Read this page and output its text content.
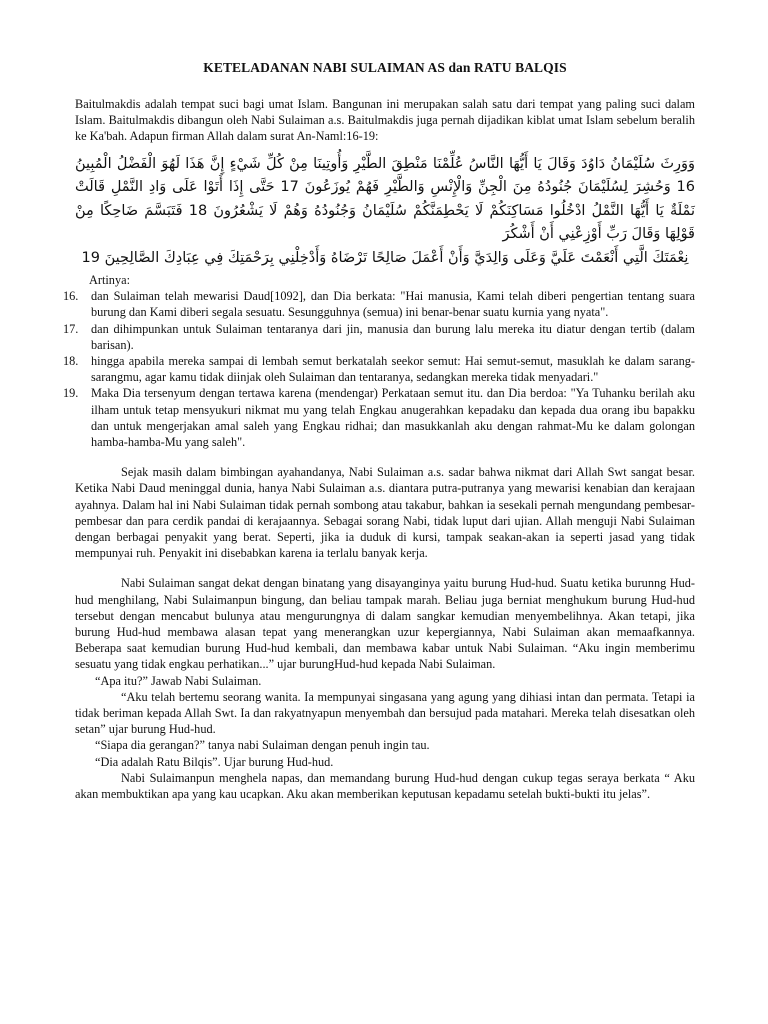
KETELADANAN NABI SULAIMAN AS dan RATU BALQIS

Baitulmakdis adalah tempat suci bagi umat Islam. Bangunan ini merupakan salah satu dari tempat yang paling suci dalam Islam. Baitulmakdis dibangun oleh Nabi Sulaiman a.s. Baitulmakdis juga pernah dijadikan kiblat umat Islam sebelum beralih ke Ka'bah. Adapun firman Allah dalam surat An-Naml:16-19:

وَوَرِثَ سُلَيْمَانُ دَاوُدَ وَقَالَ يَا أَيُّهَا النَّاسُ عُلِّمْنَا مَنْطِقَ الطَّيْرِ وَأُوتِينَا مِنْ كُلِّ شَيْءٍ إِنَّ هَذَا لَهُوَ الْفَضْلُ الْمُبِينُ 16 وَحُشِرَ لِسُلَيْمَانَ جُنُودُهُ مِنَ الْجِنِّ وَالْإِنْسِ وَالطَّيْرِ فَهُمْ يُوزَعُونَ 17 حَتَّى إِذَا أَتَوْا عَلَى وَادِ النَّمْلِ قَالَتْ نَمْلَةٌ يَا أَيُّهَا النَّمْلُ ادْخُلُوا مَسَاكِنَكُمْ لَا يَحْطِمَنَّكُمْ سُلَيْمَانُ وَجُنُودُهُ وَهُمْ لَا يَشْعُرُونَ 18 فَتَبَسَّمَ ضَاحِكًا مِنْ قَوْلِهَا وَقَالَ رَبِّ أَوْزِعْنِي أَنْ أَشْكُرَ
نِعْمَتَكَ الَّتِي أَنْعَمْتَ عَلَيَّ وَعَلَى وَالِدَيَّ وَأَنْ أَعْمَلَ صَالِحًا تَرْضَاهُ وَأَدْخِلْنِي بِرَحْمَتِكَ فِي عِبَادِكَ الصَّالِحِينَ 19

Artinya:

16.	dan Sulaiman telah mewarisi Daud[1092], dan Dia berkata: "Hai manusia, Kami telah diberi pengertian tentang suara burung dan Kami diberi segala sesuatu. Sesungguhnya (semua) ini benar-benar suatu kurnia yang nyata".
17.	dan dihimpunkan untuk Sulaiman tentaranya dari jin, manusia dan burung lalu mereka itu diatur dengan tertib (dalam barisan).
18.	hingga apabila mereka sampai di lembah semut berkatalah seekor semut: Hai semut-semut, masuklah ke dalam sarang-sarangmu, agar kamu tidak diinjak oleh Sulaiman dan tentaranya, sedangkan mereka tidak menyadari."
19.	Maka Dia tersenyum dengan tertawa karena (mendengar) Perkataan semut itu. dan Dia berdoa: "Ya Tuhanku berilah aku ilham untuk tetap mensyukuri nikmat mu yang telah Engkau anugerahkan kepadaku dan kepada dua orang ibu bapakku dan untuk mengerjakan amal saleh yang Engkau ridhai; dan masukkanlah aku dengan rahmat-Mu ke dalam golongan hamba-hamba-Mu yang saleh".

Sejak masih dalam bimbingan ayahandanya, Nabi Sulaiman a.s. sadar bahwa nikmat dari Allah Swt sangat besar. Ketika Nabi Daud meninggal dunia, hanya Nabi Sulaiman a.s. diantara putra-putranya yang mewarisi kenabian dan kerajaan ayahnya. Dalam hal ini Nabi Sulaiman tidak pernah sombong atau takabur, bahkan ia sesekali pernah mengundang pembesar-pembesar dan para cerdik pandai di kerajaannya. Sebagai sorang Nabi, tidak luput dari ujian. Allah menguji Nabi Sulaiman dengan berbagai penyakit yang berat. Seperti, jika ia duduk di kursi, tampak seakan-akan ia seperti jasad yang tidak mempunyai ruh. Penyakit ini disebabkan karena ia terlalu banyak kerja.

Nabi Sulaiman sangat dekat dengan binatang yang disayanginya yaitu burung Hud-hud. Suatu ketika burunng Hud-hud menghilang, Nabi Sulaimanpun bingung, dan beliau tampak marah. Beliau juga berniat menghukum burung Hud-hud tersebut dengan mencabut bulunya atau mengurungnya di dalam sangkar kemudian menyembelihnya. Akan tetapi, jika burung Hud-hud membawa alasan tepat yang menerangkan uzur kepergiannya, Nabi Sulaiman akan memaafkannya. Beberapa saat kemudian burung Hud-hud kembali, dan membawa kabar untuk Nabi Sulaiman. “Aku ingin memberimu sesuatu yang tidak engkau perhatikan...” ujar burungHud-hud kepada Nabi Sulaiman.

“Apa itu?” Jawab Nabi Sulaiman.

“Aku telah bertemu seorang wanita. Ia mempunyai singasana yang agung yang dihiasi intan dan permata. Tetapi ia tidak beriman kepada Allah Swt. Ia dan rakyatnyapun menyembah dan bersujud pada matahari. Mereka telah disesatkan oleh setan” ujar burung Hud-hud.

“Siapa dia gerangan?” tanya nabi Sulaiman dengan penuh ingin tau.

“Dia adalah Ratu Bilqis”. Ujar burung Hud-hud.

Nabi Sulaimanpun menghela napas, dan memandang burung Hud-hud dengan cukup tegas seraya berkata “ Aku akan membuktikan apa yang kau ucapkan. Aku akan memberikan keputusan kepadamu setelah bukti-bukti itu jelas”.
